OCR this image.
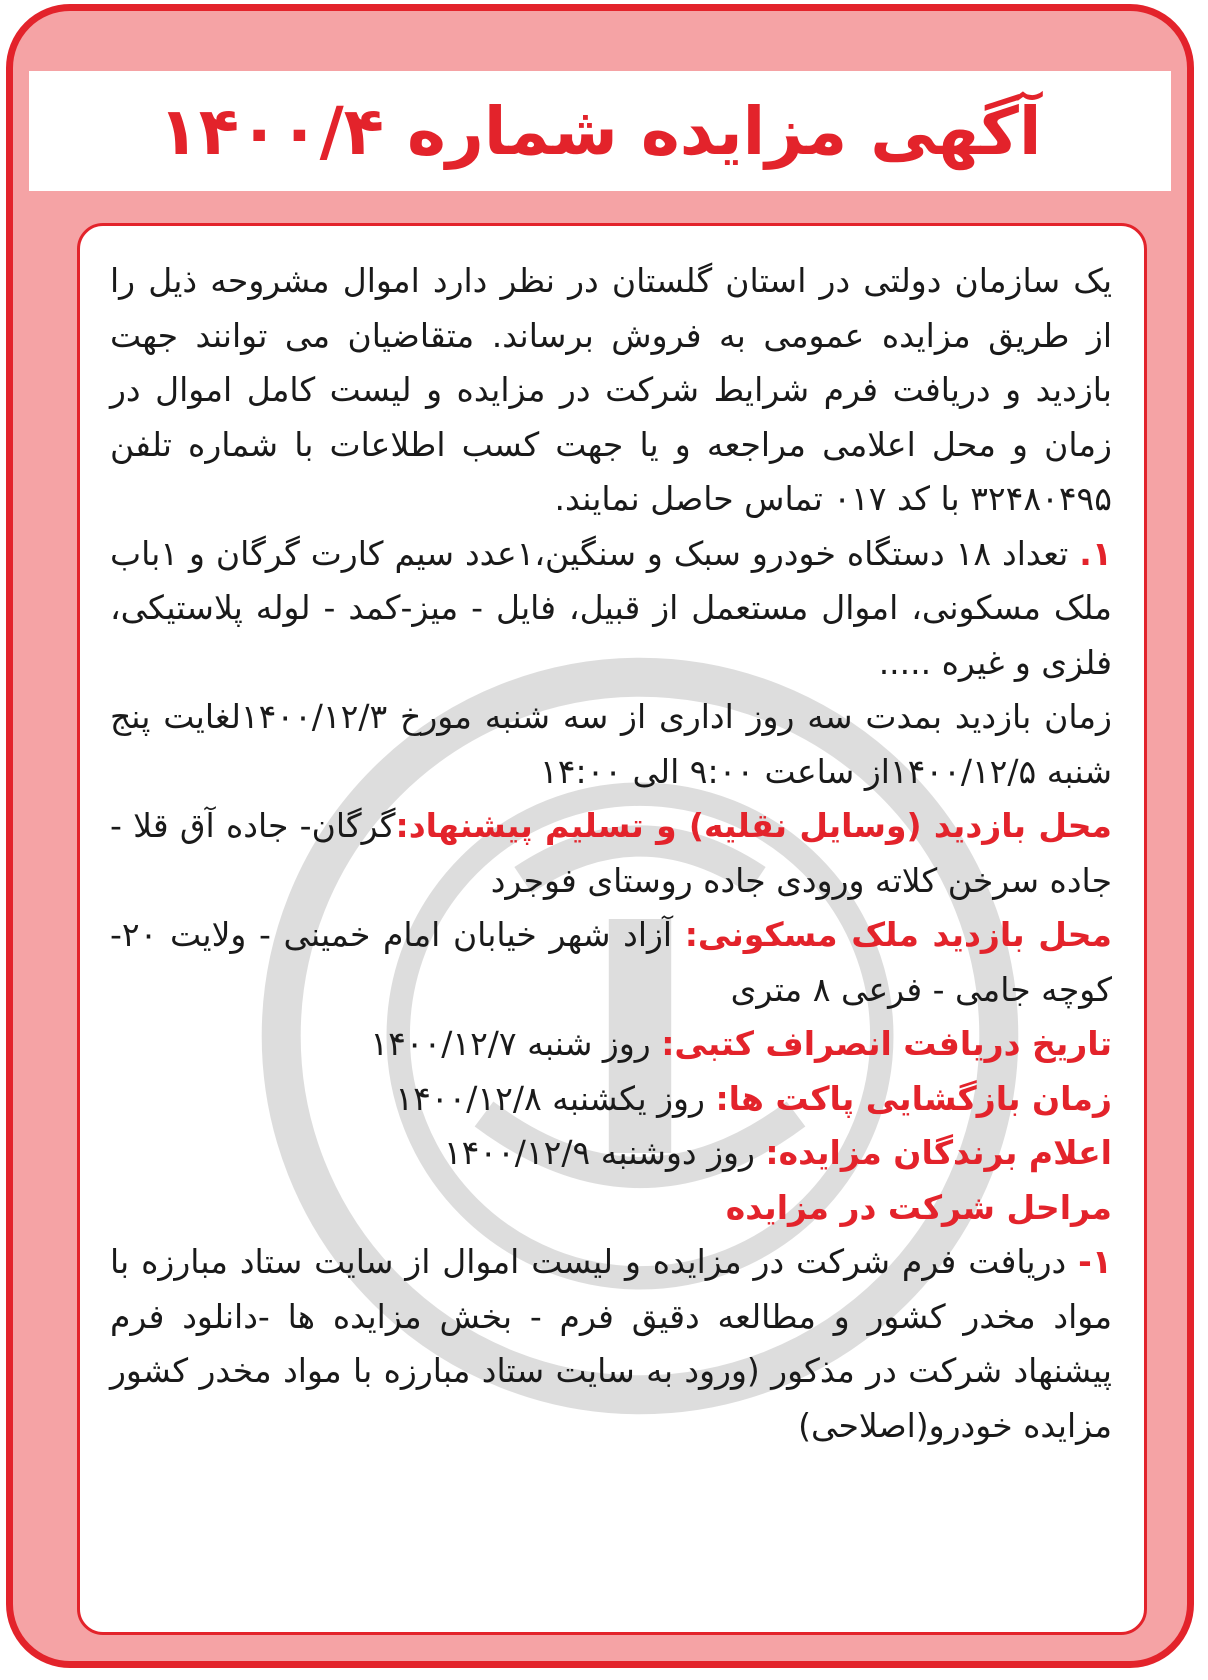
آگهی مزایده شماره ۱۴۰۰/۴

یک سازمان دولتی در استان گلستان در نظر دارد اموال مشروحه ذیل را از طریق مزایده عمومی به فروش برساند. متقاضیان می توانند جهت بازدید و دریافت فرم شرایط شرکت در مزایده و لیست کامل اموال در زمان و محل اعلامی مراجعه و یا جهت کسب اطلاعات با شماره تلفن ۳۲۴۸۰۴۹۵ با کد ۰۱۷ تماس حاصل نمایند.

۱. تعداد ۱۸ دستگاه خودرو سبک و سنگین،۱عدد سیم کارت گرگان و ۱باب ملک مسکونی، اموال مستعمل از قبیل، فایل - میز-کمد - لوله پلاستیکی، فلزی و غیره .....

زمان بازدید بمدت سه روز اداری از سه شنبه مورخ ۱۴۰۰/۱۲/۳لغایت پنج شنبه ۱۴۰۰/۱۲/۵از ساعت ۹:۰۰ الی ۱۴:۰۰

محل بازدید (وسایل نقلیه) و تسلیم پیشنهاد:گرگان- جاده آق قلا - جاده سرخن کلاته ورودی جاده روستای فوجرد

محل بازدید ملک مسکونی: آزاد شهر خیابان امام خمینی - ولایت ۲۰- کوچه جامی - فرعی ۸ متری

تاریخ دریافت انصراف کتبی: روز شنبه ۱۴۰۰/۱۲/۷

زمان بازگشایی پاکت ها: روز یکشنبه ۱۴۰۰/۱۲/۸

اعلام برندگان مزایده: روز دوشنبه ۱۴۰۰/۱۲/۹

مراحل شرکت در مزایده

۱- دریافت فرم شرکت در مزایده و لیست اموال از سایت ستاد مبارزه با مواد مخدر کشور و مطالعه دقیق فرم - بخش مزایده ها -دانلود فرم پیشنهاد شرکت در مذکور (ورود به سایت ستاد مبارزه با مواد مخدر کشور مزایده خودرو(اصلاحی)
